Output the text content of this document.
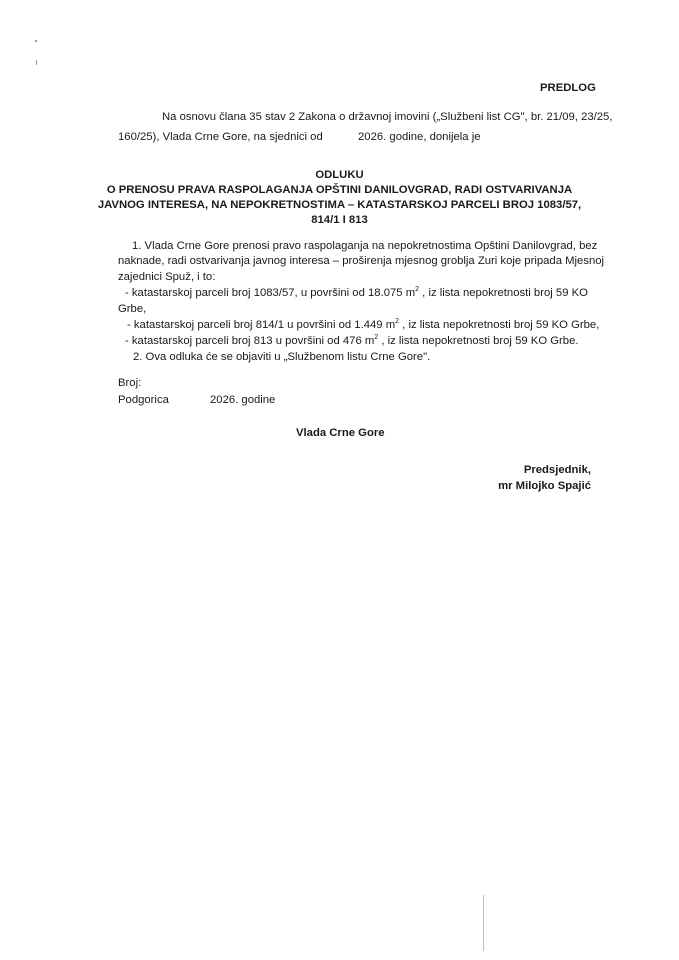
PREDLOG
Na osnovu člana 35 stav 2 Zakona o državnoj imovini („Službeni list CG", br. 21/09, 23/25,
160/25), Vlada Crne Gore, na sjednici od	2026. godine, donijela je
ODLUKU
O PRENOSU PRAVA RASPOLAGANJA OPŠTINI DANILOVGRAD, RADI OSTVARIVANJA
JAVNOG INTERESA, NA NEPOKRETNOSTIMA – KATASTARSKOJ PARCELI BROJ 1083/57,
814/1 I 813
1. Vlada Crne Gore prenosi pravo raspolaganja na nepokretnostima Opštini Danilovgrad, bez
naknade, radi ostvarivanja javnog interesa – proširenja mjesnog groblja Zuri koje pripada Mjesnoj
zajednici Spuž, i to:
- katastarskoj parceli broj 1083/57, u površini od 18.075 $m^2$ , iz lista nepokretnosti broj 59 KO
Grbe,
- katastarskoj parceli broj 814/1 u površini od 1.449 $m^2$ , iz lista nepokretnosti broj 59 KO Grbe,
- katastarskoj parceli broj 813 u površini od 476 $m^2$ , iz lista nepokretnosti broj 59 KO Grbe.
2. Ova odluka će se objaviti u „Službenom listu Crne Gore".
Broj:
Podgorica	2026. godine
Vlada Crne Gore
Predsjednik,
mr Milojko Spajić
